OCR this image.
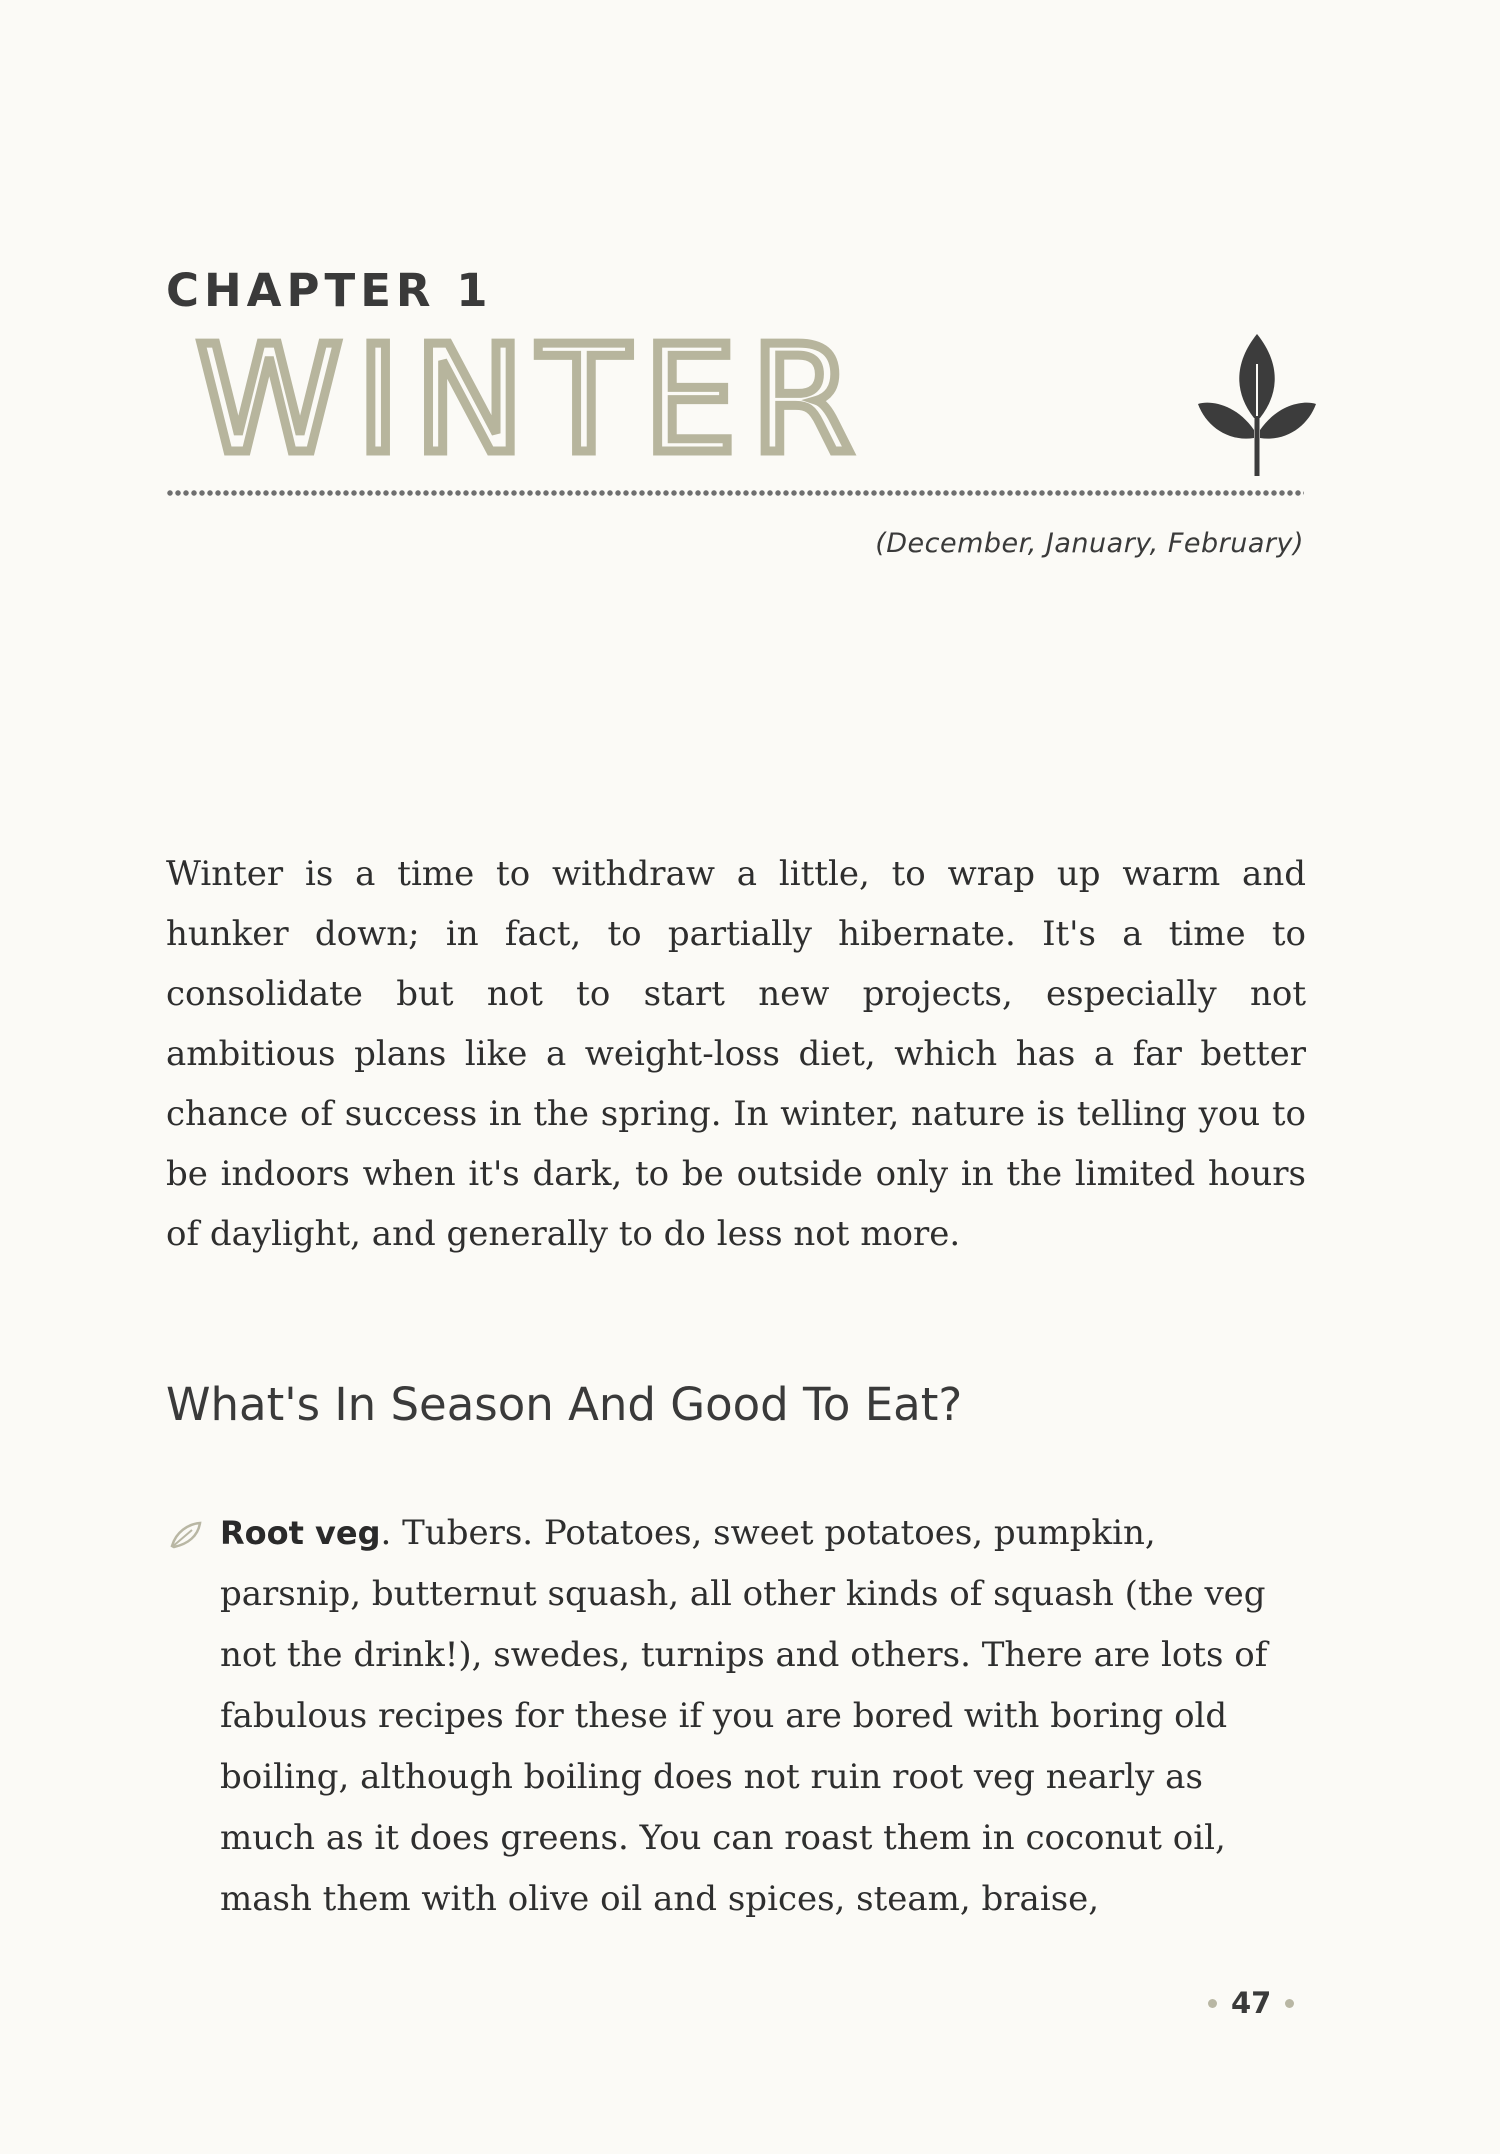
CHAPTER 1
WINTER
(December, January, February)

Winter is a time to withdraw a little, to wrap up warm and hunker down; in fact, to partially hibernate. It's a time to consolidate but not to start new projects, especially not ambitious plans like a weight-loss diet, which has a far better chance of success in the spring. In winter, nature is telling you to be indoors when it's dark, to be outside only in the limited hours of daylight, and generally to do less not more.

What's In Season And Good To Eat?

Root veg. Tubers. Potatoes, sweet potatoes, pumpkin, parsnip, butternut squash, all other kinds of squash (the veg not the drink!), swedes, turnips and others. There are lots of fabulous recipes for these if you are bored with boring old boiling, although boiling does not ruin root veg nearly as much as it does greens. You can roast them in coconut oil, mash them with olive oil and spices, steam, braise,

47
